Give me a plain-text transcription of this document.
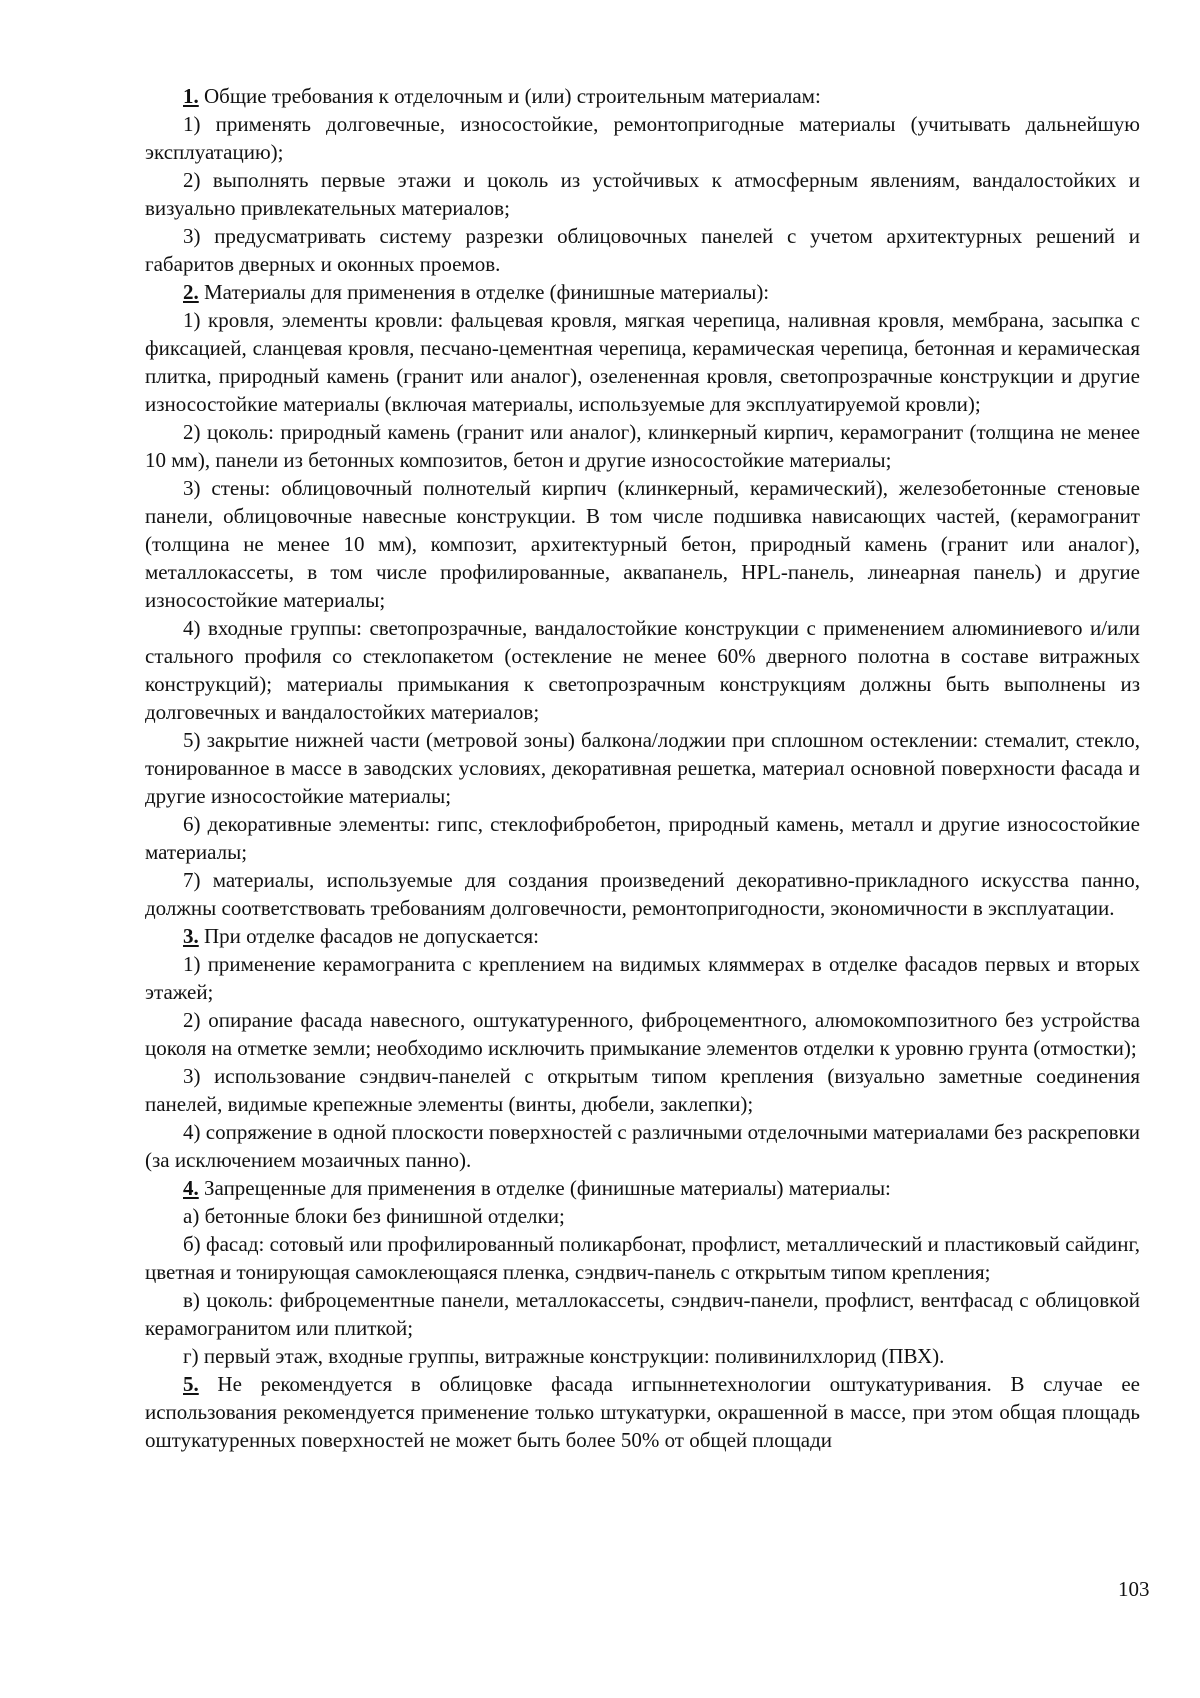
1. Общие требования к отделочным и (или) строительным материалам:

1) применять долговечные, износостойкие, ремонтопригодные материалы (учитывать дальнейшую эксплуатацию);

2) выполнять первые этажи и цоколь из устойчивых к атмосферным явлениям, вандалостойких и визуально привлекательных материалов;

3) предусматривать систему разрезки облицовочных панелей с учетом архитектурных решений и габаритов дверных и оконных проемов.

2. Материалы для применения в отделке (финишные материалы):

1) кровля, элементы кровли: фальцевая кровля, мягкая черепица, наливная кровля, мембрана, засыпка с фиксацией, сланцевая кровля, песчано-цементная черепица, керамическая черепица, бетонная и керамическая плитка, природный камень (гранит или аналог), озелененная кровля, светопрозрачные конструкции и другие износостойкие материалы (включая материалы, используемые для эксплуатируемой кровли);

2) цоколь: природный камень (гранит или аналог), клинкерный кирпич, керамогранит (толщина не менее 10 мм), панели из бетонных композитов, бетон и другие износостойкие материалы;

3) стены: облицовочный полнотелый кирпич (клинкерный, керамический), железобетонные стеновые панели, облицовочные навесные конструкции. В том числе подшивка нависающих частей, (керамогранит (толщина не менее 10 мм), композит, архитектурный бетон, природный камень (гранит или аналог), металлокассеты, в том числе профилированные, аквапанель, HPL-панель, линеарная панель) и другие износостойкие материалы;

4) входные группы: светопрозрачные, вандалостойкие конструкции с применением алюминиевого и/или стального профиля со стеклопакетом (остекление не менее 60% дверного полотна в составе витражных конструкций); материалы примыкания к светопрозрачным конструкциям должны быть выполнены из долговечных и вандалостойких материалов;

5) закрытие нижней части (метровой зоны) балкона/лоджии при сплошном остеклении: стемалит, стекло, тонированное в массе в заводских условиях, декоративная решетка, материал основной поверхности фасада и другие износостойкие материалы;

6) декоративные элементы: гипс, стеклофибробетон, природный камень, металл и другие износостойкие материалы;

7) материалы, используемые для создания произведений декоративно-прикладного искусства панно, должны соответствовать требованиям долговечности, ремонтопригодности, экономичности в эксплуатации.

3. При отделке фасадов не допускается:

1) применение керамогранита с креплением на видимых кляммерах в отделке фасадов первых и вторых этажей;

2) опирание фасада навесного, оштукатуренного, фиброцементного, алюмокомпозитного без устройства цоколя на отметке земли; необходимо исключить примыкание элементов отделки к уровню грунта (отмостки);

3) использование сэндвич-панелей с открытым типом крепления (визуально заметные соединения панелей, видимые крепежные элементы (винты, дюбели, заклепки);

4) сопряжение в одной плоскости поверхностей с различными отделочными материалами без раскреповки (за исключением мозаичных панно).

4. Запрещенные для применения в отделке (финишные материалы) материалы:

а) бетонные блоки без финишной отделки;

б) фасад: сотовый или профилированный поликарбонат, профлист, металлический и пластиковый сайдинг, цветная и тонирующая самоклеющаяся пленка, сэндвич-панель с открытым типом крепления;

в) цоколь: фиброцементные панели, металлокассеты, сэндвич-панели, профлист, вентфасад с облицовкой керамогранитом или плиткой;

г) первый этаж, входные группы, витражные конструкции: поливинилхлорид (ПВХ).

5. Не рекомендуется в облицовке фасада игпыннетехнологии оштукатуривания. В случае ее использования рекомендуется применение только штукатурки, окрашенной в массе, при этом общая площадь оштукатуренных поверхностей не может быть более 50% от общей площади

103
